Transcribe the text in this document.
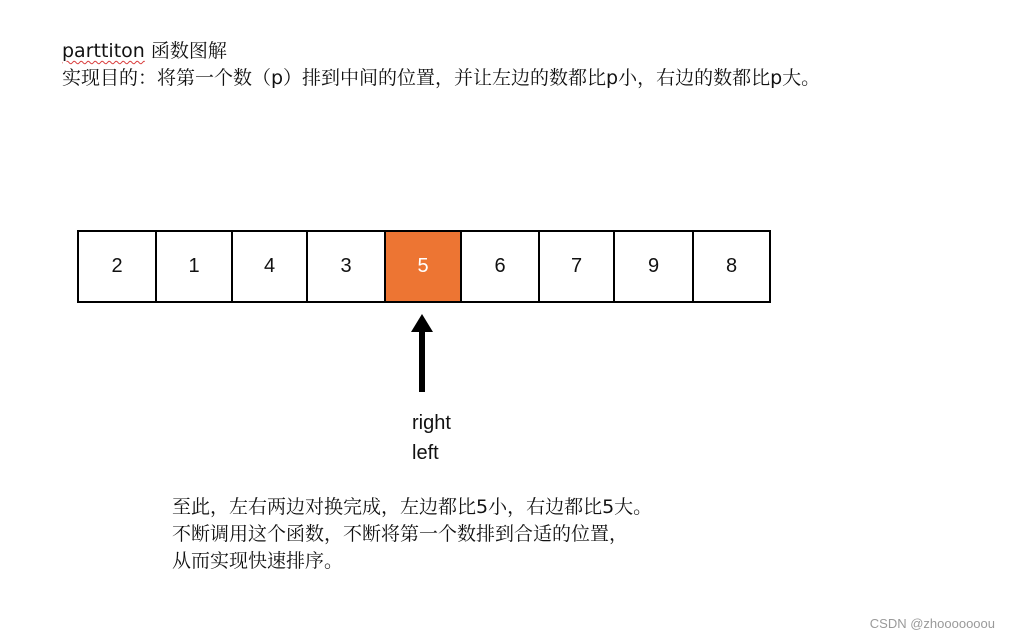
parttiton 函数图解
实现目的：将第一个数（p）排到中间的位置，并让左边的数都比p小，右边的数都比p大。
2	1	4	3	5	6	7	9	8
right
left
至此，左右两边对换完成，左边都比5小，右边都比5大。
不断调用这个函数，不断将第一个数排到合适的位置，
从而实现快速排序。
CSDN @zhooooooou
